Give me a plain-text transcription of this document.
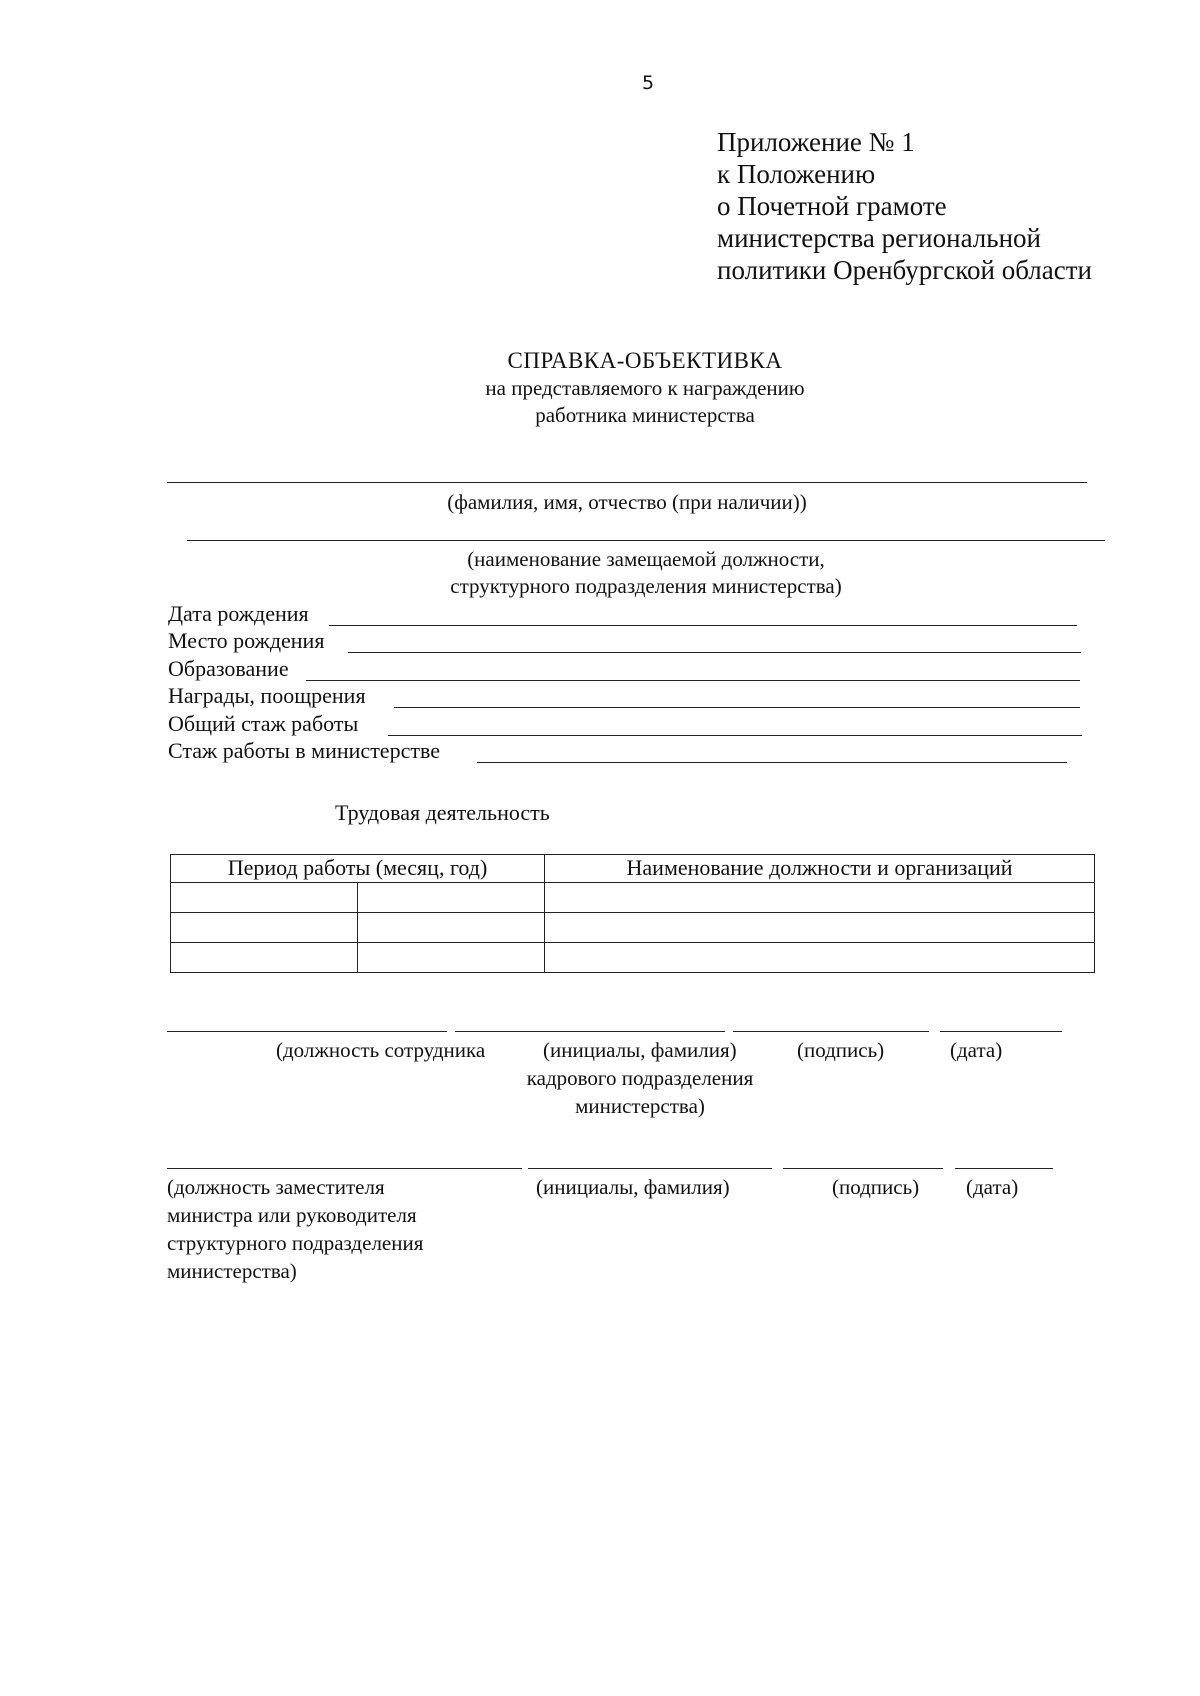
5
Приложение № 1
к Положению
о Почетной грамоте
министерства региональной
политики Оренбургской области
СПРАВКА-ОБЪЕКТИВКА
на представляемого к награждению
работника министерства
(фамилия, имя, отчество (при наличии))
(наименование замещаемой должности,
структурного подразделения министерства)
Дата рождения
Место рождения
Образование
Награды, поощрения
Общий стаж работы
Стаж работы в министерстве
Трудовая деятельность
Период работы (месяц, год)		Наименование должности и организаций

(должность сотрудника	(инициалы, фамилия)	(подпись)	(дата)
кадрового подразделения
министерства)
(должность заместителя
министра или руководителя
структурного подразделения
министерства)
(инициалы, фамилия)	(подпись) (дата)
